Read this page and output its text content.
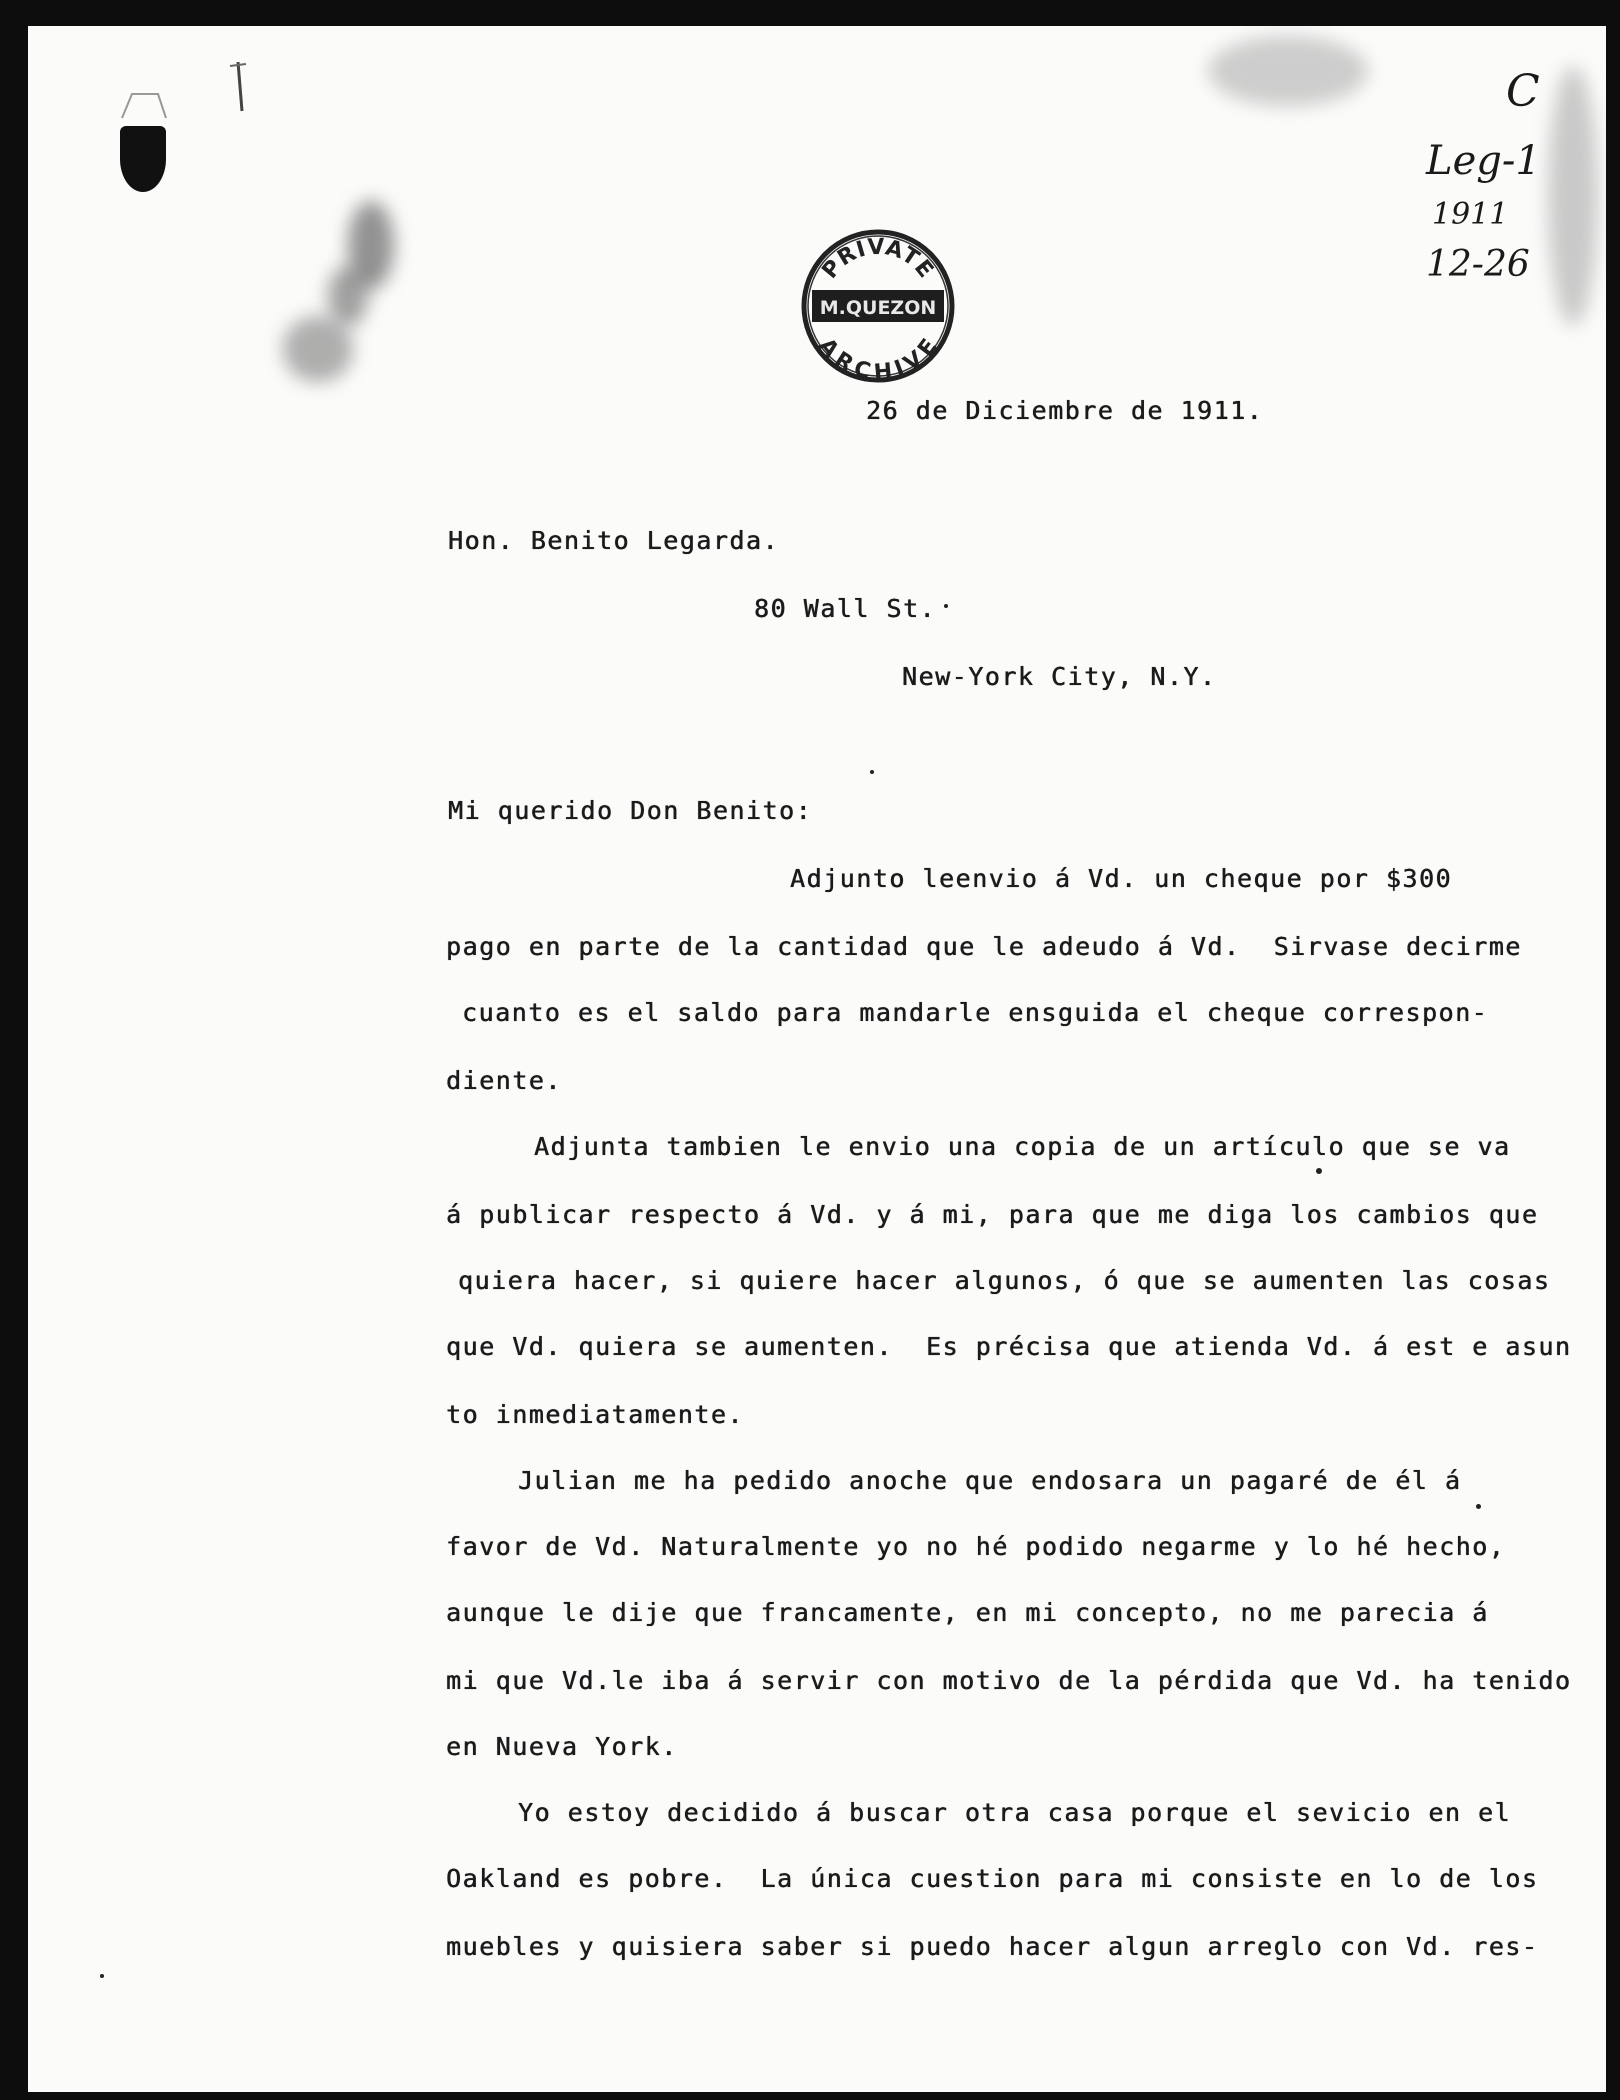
PRIVATE
ARCHIVE
M.QUEZON
C
Leg-1
1911
12-26
26 de Diciembre de 1911.
Hon. Benito Legarda.
80 Wall St.
New-York City, N.Y.
Mi querido Don Benito:
Adjunto leenvio á Vd. un cheque por $300
pago en parte de la cantidad que le adeudo á Vd.  Sirvase decirme
cuanto es el saldo para mandarle ensguida el cheque correspon-
diente.
Adjunta tambien le envio una copia de un artículo que se va
á publicar respecto á Vd. y á mi, para que me diga los cambios que
quiera hacer, si quiere hacer algunos, ó que se aumenten las cosas
que Vd. quiera se aumenten.  Es précisa que atienda Vd. á est e asun
to inmediatamente.
Julian me ha pedido anoche que endosara un pagaré de él á
favor de Vd. Naturalmente yo no hé podido negarme y lo hé hecho,
aunque le dije que francamente, en mi concepto, no me parecia á
mi que Vd.le iba á servir con motivo de la pérdida que Vd. ha tenido
en Nueva York.
Yo estoy decidido á buscar otra casa porque el sevicio en el
Oakland es pobre.  La única cuestion para mi consiste en lo de los
muebles y quisiera saber si puedo hacer algun arreglo con Vd. res-
